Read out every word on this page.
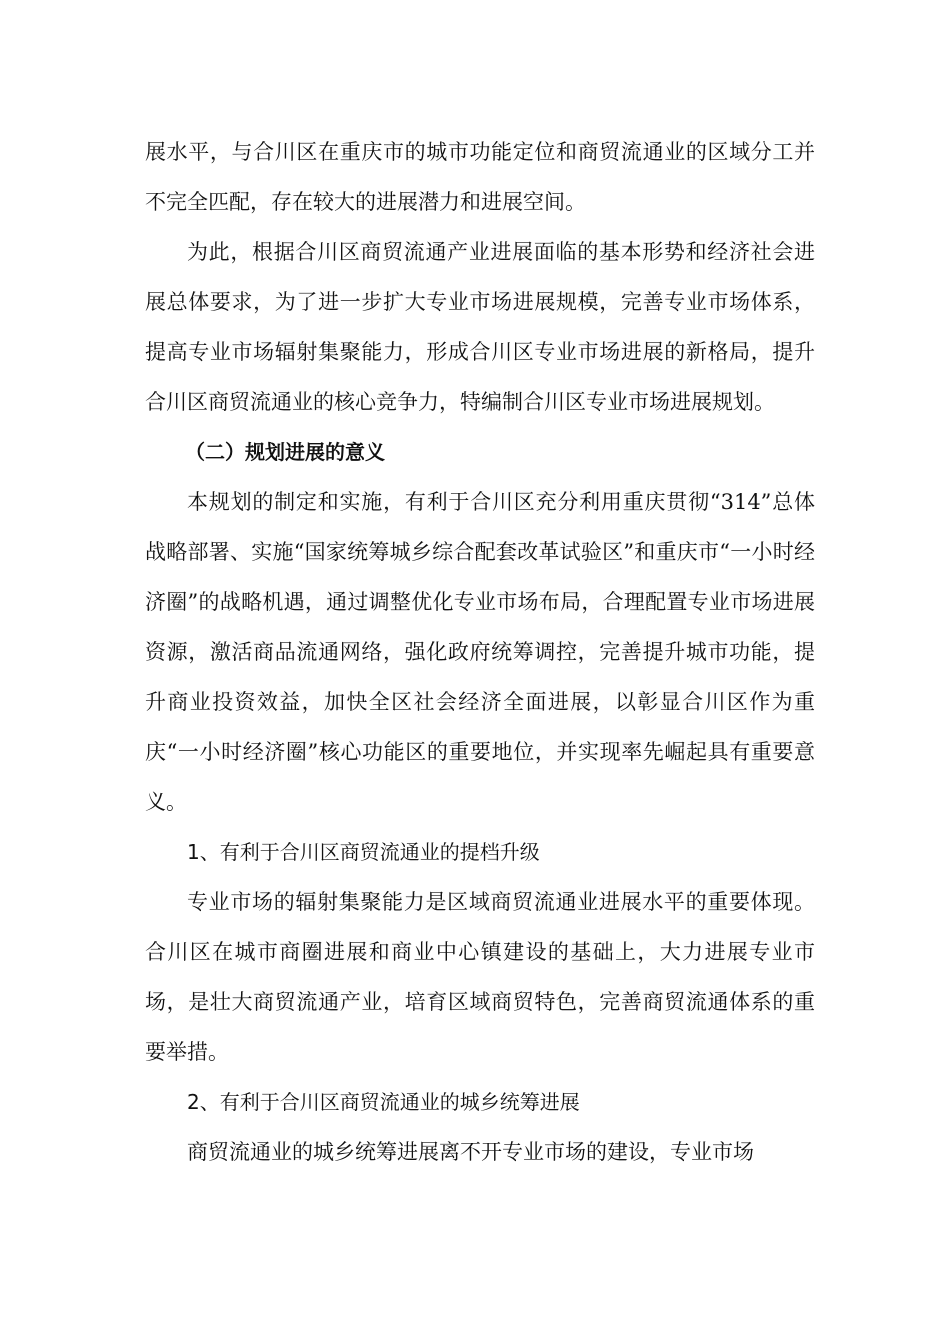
展水平，与合川区在重庆市的城市功能定位和商贸流通业的区域分工并不完全匹配，存在较大的进展潜力和进展空间。

为此，根据合川区商贸流通产业进展面临的基本形势和经济社会进展总体要求，为了进一步扩大专业市场进展规模，完善专业市场体系，提高专业市场辐射集聚能力，形成合川区专业市场进展的新格局，提升合川区商贸流通业的核心竞争力，特编制合川区专业市场进展规划。

（二）规划进展的意义

本规划的制定和实施，有利于合川区充分利用重庆贯彻“314”总体战略部署、实施“国家统筹城乡综合配套改革试验区”和重庆市“一小时经济圈”的战略机遇，通过调整优化专业市场布局，合理配置专业市场进展资源，激活商品流通网络，强化政府统筹调控，完善提升城市功能，提升商业投资效益，加快全区社会经济全面进展，以彰显合川区作为重庆“一小时经济圈”核心功能区的重要地位，并实现率先崛起具有重要意义。

1、有利于合川区商贸流通业的提档升级

专业市场的辐射集聚能力是区域商贸流通业进展水平的重要体现。合川区在城市商圈进展和商业中心镇建设的基础上，大力进展专业市场，是壮大商贸流通产业，培育区域商贸特色，完善商贸流通体系的重要举措。

2、有利于合川区商贸流通业的城乡统筹进展

商贸流通业的城乡统筹进展离不开专业市场的建设，专业市场
